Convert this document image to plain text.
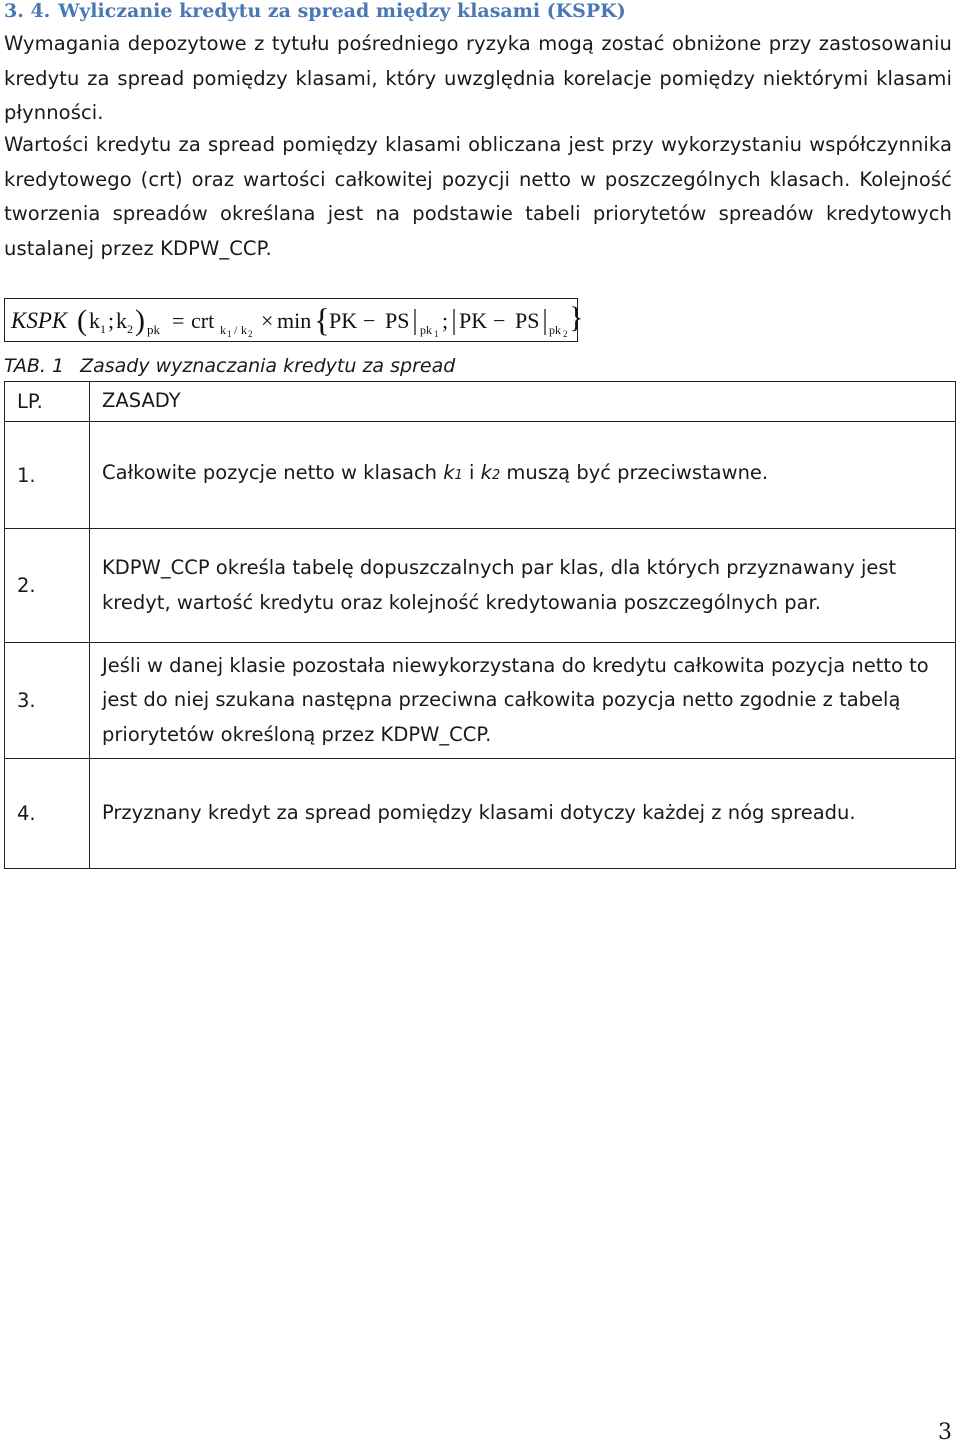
3. 4. Wyliczanie kredytu za spread między klasami (KSPK)
Wymagania depozytowe z tytułu pośredniego ryzyka mogą zostać obniżone przy zastosowaniu kredytu za spread pomiędzy klasami, który uwzględnia korelacje pomiędzy niektórymi klasami płynności.
Wartości kredytu za spread pomiędzy klasami obliczana jest przy wykorzystaniu współczynnika kredytowego (crt) oraz wartości całkowitej pozycji netto w poszczególnych klasach. Kolejność tworzenia spreadów określana jest na podstawie tabeli priorytetów spreadów kredytowych ustalanej przez KDPW_CCP.
KSPK ( k 1 ; k 2 ) pk = crt k 1 / k 2
× min { PK − PS pk 1
; PK − PS pk 2 }
TAB. 1 Zasady wyznaczania kredytu za spread
LP.	ZASADY
1.	Całkowite pozycje netto w klasach k1 i k2 muszą być przeciwstawne.
2.	KDPW_CCP określa tabelę dopuszczalnych par klas, dla których przyznawany jest kredyt, wartość kredytu oraz kolejność kredytowania poszczególnych par.
3.	Jeśli w danej klasie pozostała niewykorzystana do kredytu całkowita pozycja netto to jest do niej szukana następna przeciwna całkowita pozycja netto zgodnie z tabelą priorytetów określoną przez KDPW_CCP.
4.	Przyznany kredyt za spread pomiędzy klasami dotyczy każdej z nóg spreadu.
3
